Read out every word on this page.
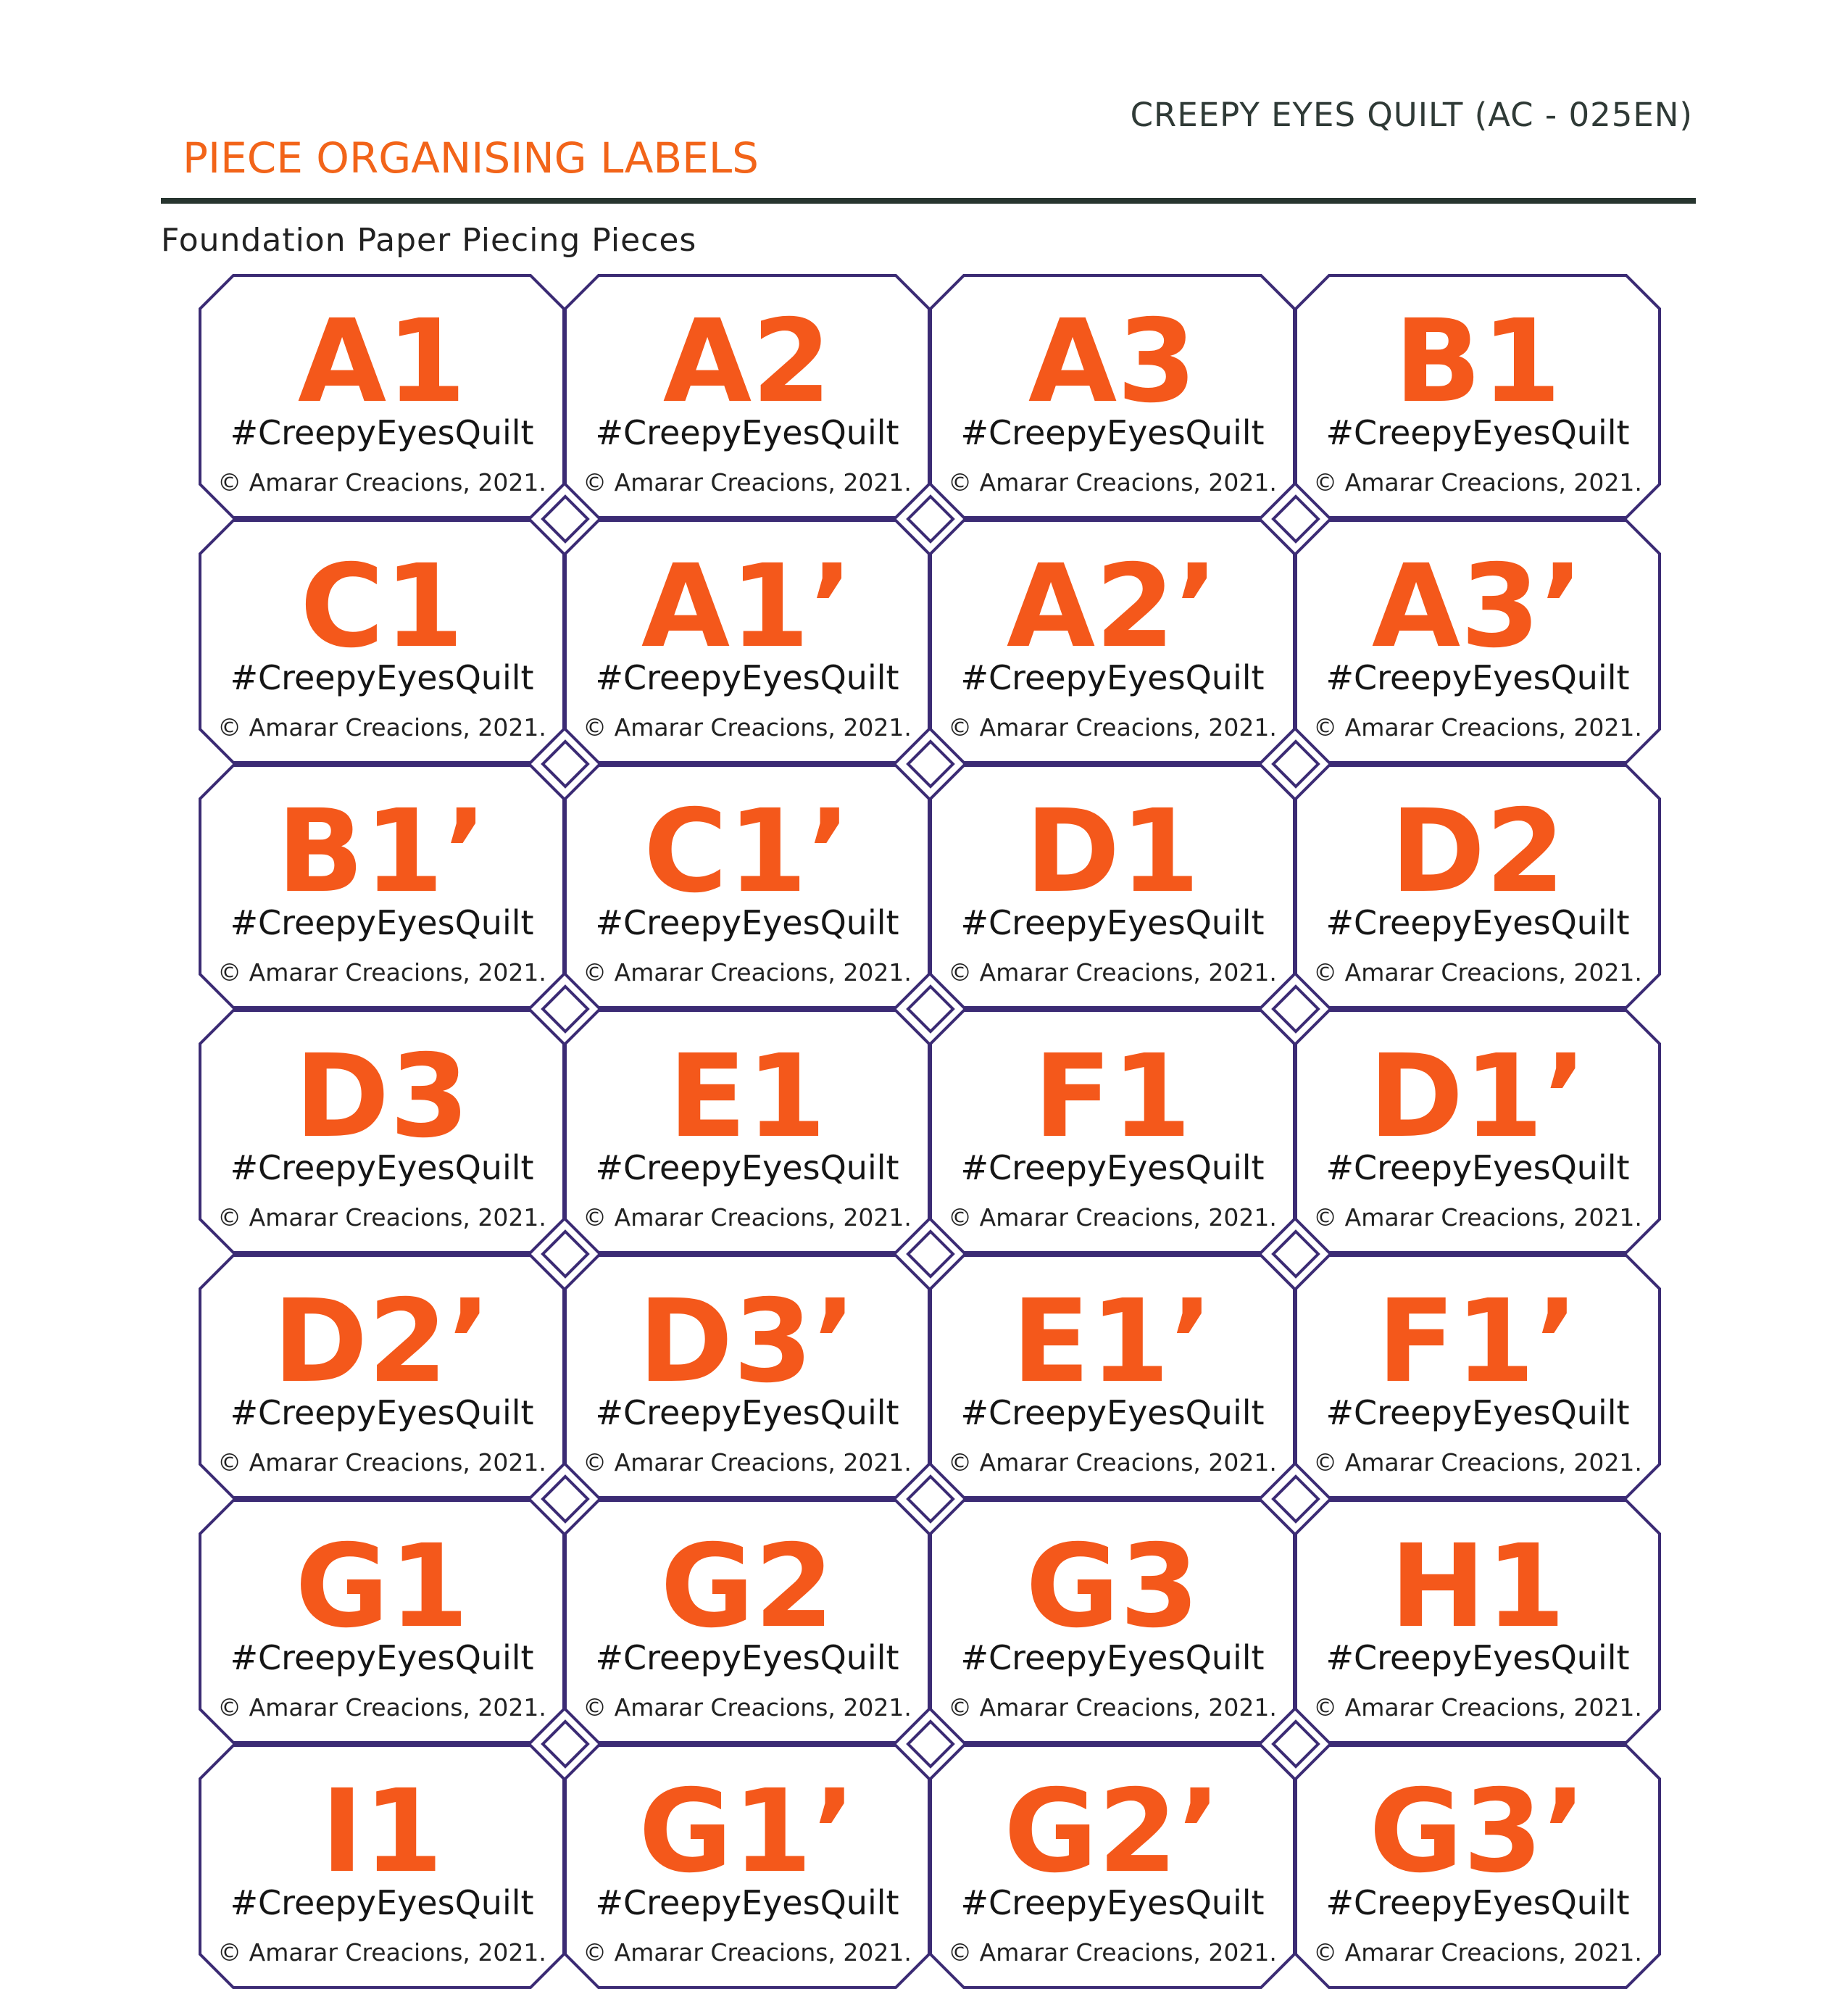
CREEPY EYES QUILT (AC - 025EN)
PIECE ORGANISING LABELS
Foundation Paper Piecing Pieces
A1
#CreepyEyesQuilt
© Amarar Creacions, 2021.
A2
#CreepyEyesQuilt
© Amarar Creacions, 2021.
A3
#CreepyEyesQuilt
© Amarar Creacions, 2021.
B1
#CreepyEyesQuilt
© Amarar Creacions, 2021.
C1
#CreepyEyesQuilt
© Amarar Creacions, 2021.
A1’
#CreepyEyesQuilt
© Amarar Creacions, 2021.
A2’
#CreepyEyesQuilt
© Amarar Creacions, 2021.
A3’
#CreepyEyesQuilt
© Amarar Creacions, 2021.
B1’
#CreepyEyesQuilt
© Amarar Creacions, 2021.
C1’
#CreepyEyesQuilt
© Amarar Creacions, 2021.
D1
#CreepyEyesQuilt
© Amarar Creacions, 2021.
D2
#CreepyEyesQuilt
© Amarar Creacions, 2021.
D3
#CreepyEyesQuilt
© Amarar Creacions, 2021.
E1
#CreepyEyesQuilt
© Amarar Creacions, 2021.
F1
#CreepyEyesQuilt
© Amarar Creacions, 2021.
D1’
#CreepyEyesQuilt
© Amarar Creacions, 2021.
D2’
#CreepyEyesQuilt
© Amarar Creacions, 2021.
D3’
#CreepyEyesQuilt
© Amarar Creacions, 2021.
E1’
#CreepyEyesQuilt
© Amarar Creacions, 2021.
F1’
#CreepyEyesQuilt
© Amarar Creacions, 2021.
G1
#CreepyEyesQuilt
© Amarar Creacions, 2021.
G2
#CreepyEyesQuilt
© Amarar Creacions, 2021.
G3
#CreepyEyesQuilt
© Amarar Creacions, 2021.
H1
#CreepyEyesQuilt
© Amarar Creacions, 2021.
I1
#CreepyEyesQuilt
© Amarar Creacions, 2021.
G1’
#CreepyEyesQuilt
© Amarar Creacions, 2021.
G2’
#CreepyEyesQuilt
© Amarar Creacions, 2021.
G3’
#CreepyEyesQuilt
© Amarar Creacions, 2021.
